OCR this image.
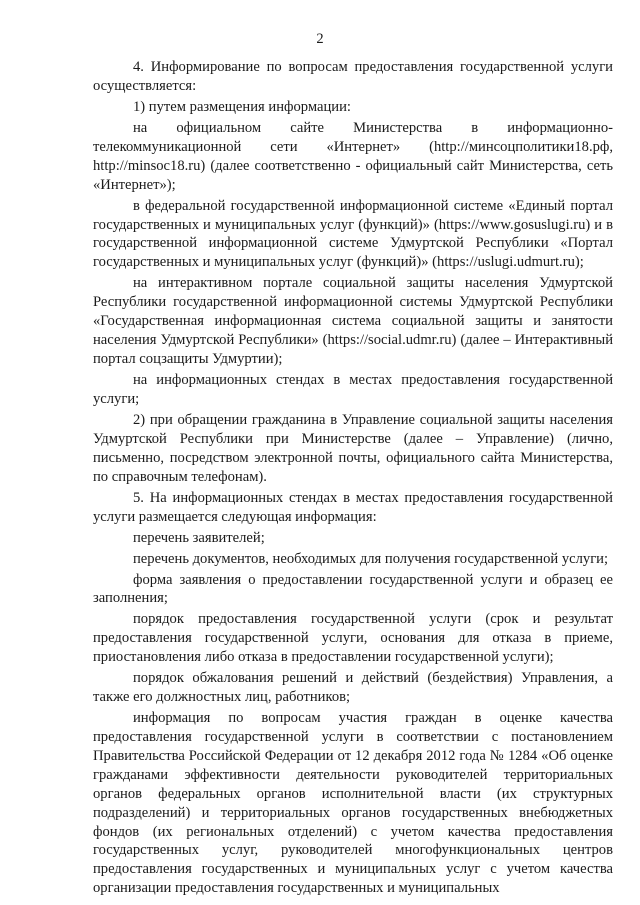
2

4. Информирование по вопросам предоставления государственной услуги осуществляется:

1) путем размещения информации:

на официальном сайте Министерства в информационно-телекоммуникационной сети «Интернет» (http://минсоцполитики18.рф, http://minsoc18.ru) (далее соответственно - официальный сайт Министерства, сеть «Интернет»);

в федеральной государственной информационной системе «Единый портал государственных и муниципальных услуг (функций)» (https://www.gosuslugi.ru) и в государственной информационной системе Удмуртской Республики «Портал государственных и муниципальных услуг (функций)» (https://uslugi.udmurt.ru);

на интерактивном портале социальной защиты населения Удмуртской Республики государственной информационной системы Удмуртской Республики «Государственная информационная система социальной защиты и занятости населения Удмуртской Республики» (https://social.udmr.ru) (далее – Интерактивный портал соцзащиты Удмуртии);

на информационных стендах в местах предоставления государственной услуги;

2) при обращении гражданина в Управление социальной защиты населения Удмуртской Республики при Министерстве (далее – Управление) (лично, письменно, посредством электронной почты, официального сайта Министерства, по справочным телефонам).

5. На информационных стендах в местах предоставления государственной услуги размещается следующая информация:

перечень заявителей;

перечень документов, необходимых для получения государственной услуги;

форма заявления о предоставлении государственной услуги и образец ее заполнения;

порядок предоставления государственной услуги (срок и результат предоставления государственной услуги, основания для отказа в приеме, приостановления либо отказа в предоставлении государственной услуги);

порядок обжалования решений и действий (бездействия) Управления, а также его должностных лиц, работников;

информация по вопросам участия граждан в оценке качества предоставления государственной услуги в соответствии с постановлением Правительства Российской Федерации от 12 декабря 2012 года № 1284 «Об оценке гражданами эффективности деятельности руководителей территориальных органов федеральных органов исполнительной власти (их структурных подразделений) и территориальных органов государственных внебюджетных фондов (их региональных отделений) с учетом качества предоставления государственных услуг, руководителей многофункциональных центров предоставления государственных и муниципальных услуг с учетом качества организации предоставления государственных и муниципальных
